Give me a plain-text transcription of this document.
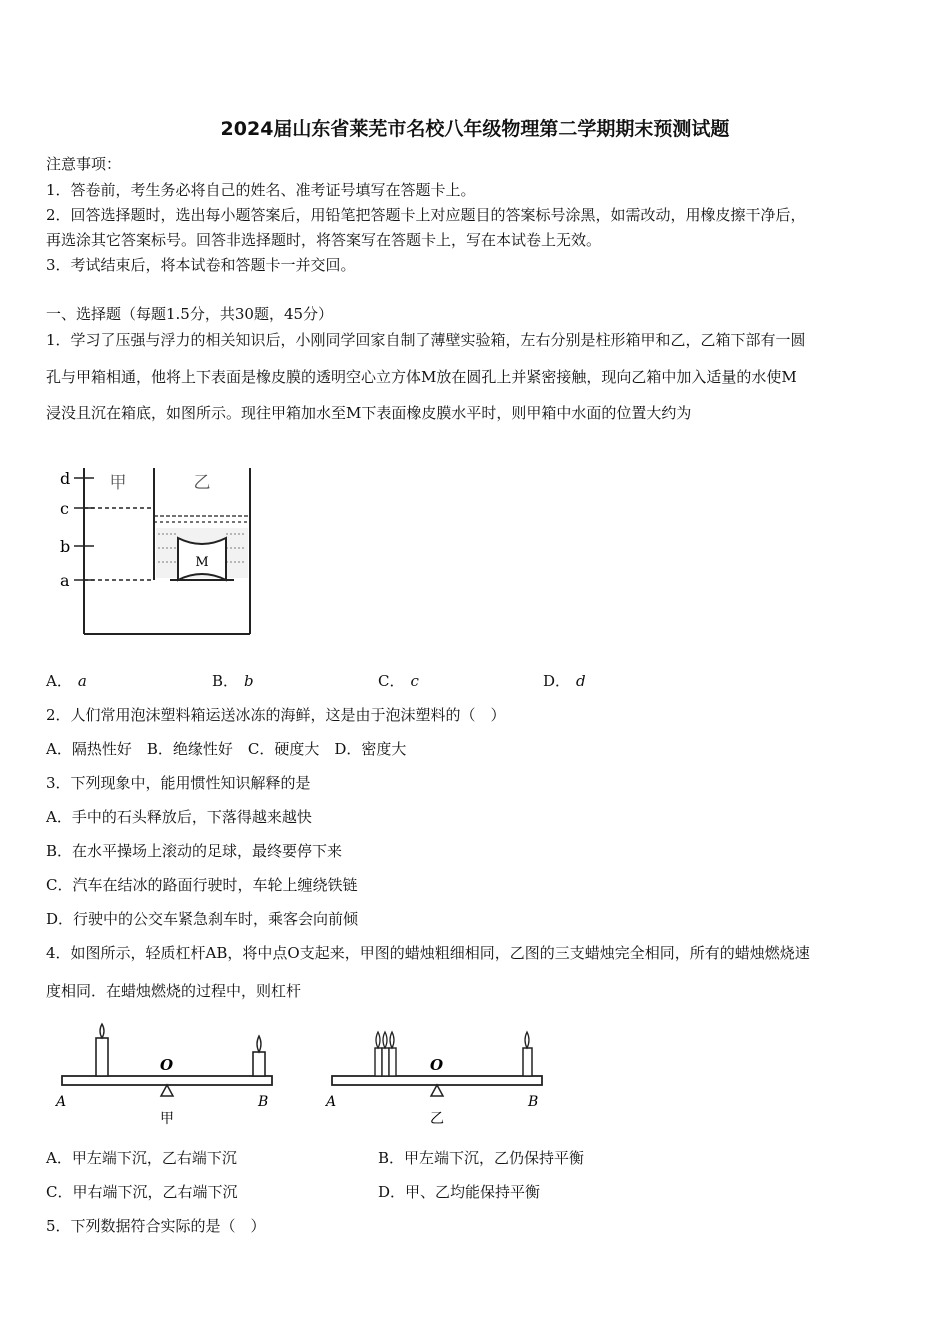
2024届山东省莱芜市名校八年级物理第二学期期末预测试题
注意事项：
1．答卷前，考生务必将自己的姓名、准考证号填写在答题卡上。
2．回答选择题时，选出每小题答案后，用铅笔把答题卡上对应题目的答案标号涂黑，如需改动，用橡皮擦干净后，
再选涂其它答案标号。回答非选择题时，将答案写在答题卡上，写在本试卷上无效。
3．考试结束后，将本试卷和答题卡一并交回。
一、选择题（每题1.5分，共30题，45分）
1．学习了压强与浮力的相关知识后，小刚同学回家自制了薄壁实验箱，左右分别是柱形箱甲和乙，乙箱下部有一圆
孔与甲箱相通，他将上下表面是橡皮膜的透明空心立方体M放在圆孔上并紧密接触，现向乙箱中加入适量的水使M
浸没且沉在箱底，如图所示。现往甲箱加水至M下表面橡皮膜水平时，则甲箱中水面的位置大约为
M
甲	乙
d
c
b
a
A． a	B． b	C． c	D． d
2．人们常用泡沫塑料箱运送冰冻的海鲜，这是由于泡沫塑料的（　）
A．隔热性好　B．绝缘性好　C．硬度大　D．密度大
3．下列现象中，能用惯性知识解释的是
A．手中的石头释放后，下落得越来越快
B．在水平操场上滚动的足球，最终要停下来
C．汽车在结冰的路面行驶时，车轮上缠绕铁链
D．行驶中的公交车紧急刹车时，乘客会向前倾
4．如图所示，轻质杠杆AB，将中点O支起来，甲图的蜡烛粗细相同，乙图的三支蜡烛完全相同，所有的蜡烛燃烧速
度相同．在蜡烛燃烧的过程中，则杠杆
O
A	B
甲
O
A	B
乙
A．甲左端下沉，乙右端下沉	B．甲左端下沉，乙仍保持平衡
C．甲右端下沉，乙右端下沉	D．甲、乙均能保持平衡
5．下列数据符合实际的是（　）
